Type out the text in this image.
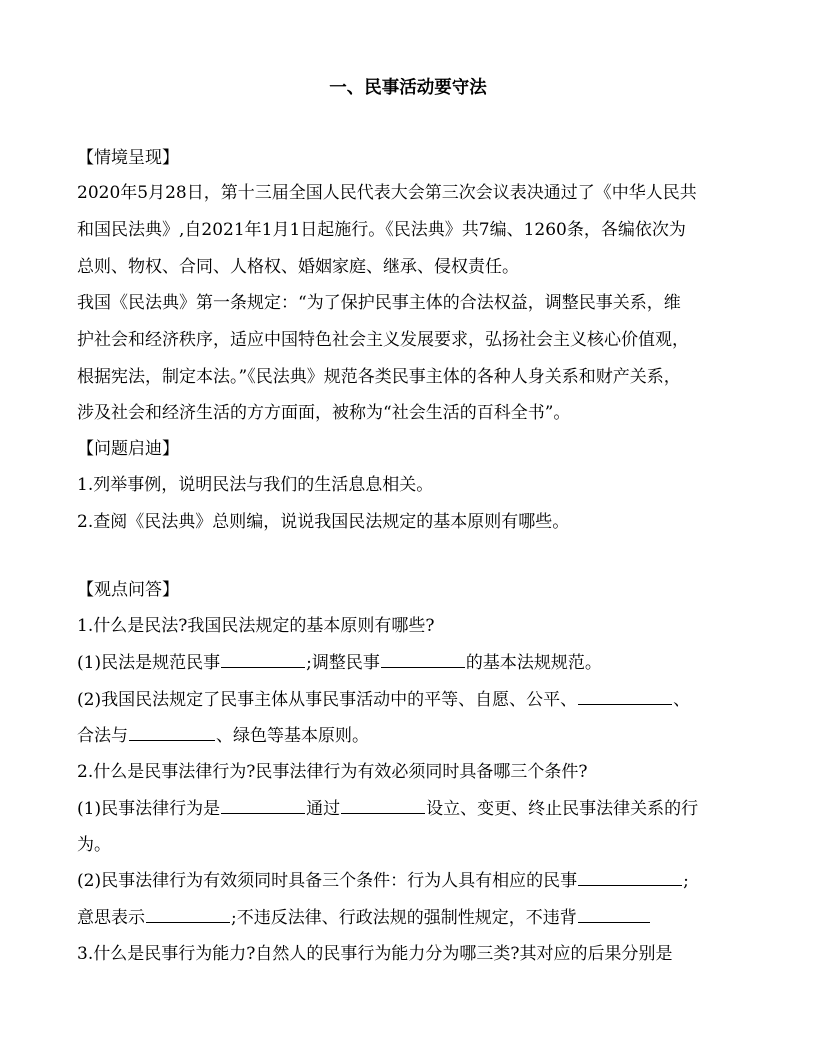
一、民事活动要守法
【情境呈现】
2020年5月28日，第十三届全国人民代表大会第三次会议表决通过了《中华人民共
和国民法典》,自2021年1月1日起施行。《民法典》共7编、1260条，各编依次为
总则、物权、合同、人格权、婚姻家庭、继承、侵权责任。
我国《民法典》第一条规定：“为了保护民事主体的合法权益，调整民事关系，维
护社会和经济秩序，适应中国特色社会主义发展要求，弘扬社会主义核心价值观，
根据宪法，制定本法。”《民法典》规范各类民事主体的各种人身关系和财产关系，
涉及社会和经济生活的方方面面，被称为“社会生活的百科全书”。
【问题启迪】
1.列举事例，说明民法与我们的生活息息相关。
2.查阅《民法典》总则编，说说我国民法规定的基本原则有哪些。
【观点问答】
1.什么是民法?我国民法规定的基本原则有哪些?
(1)民法是规范民事	;调整民事	的基本法规规范。
(2)我国民法规定了民事主体从事民事活动中的平等、自愿、公平、	、
合法与	、绿色等基本原则。
2.什么是民事法律行为?民事法律行为有效必须同时具备哪三个条件?
(1)民事法律行为是	通过	设立、变更、终止民事法律关系的行
为。
(2)民事法律行为有效须同时具备三个条件：行为人具有相应的民事	;
意思表示	;不违反法律、行政法规的强制性规定，不违背
3.什么是民事行为能力?自然人的民事行为能力分为哪三类?其对应的后果分别是
